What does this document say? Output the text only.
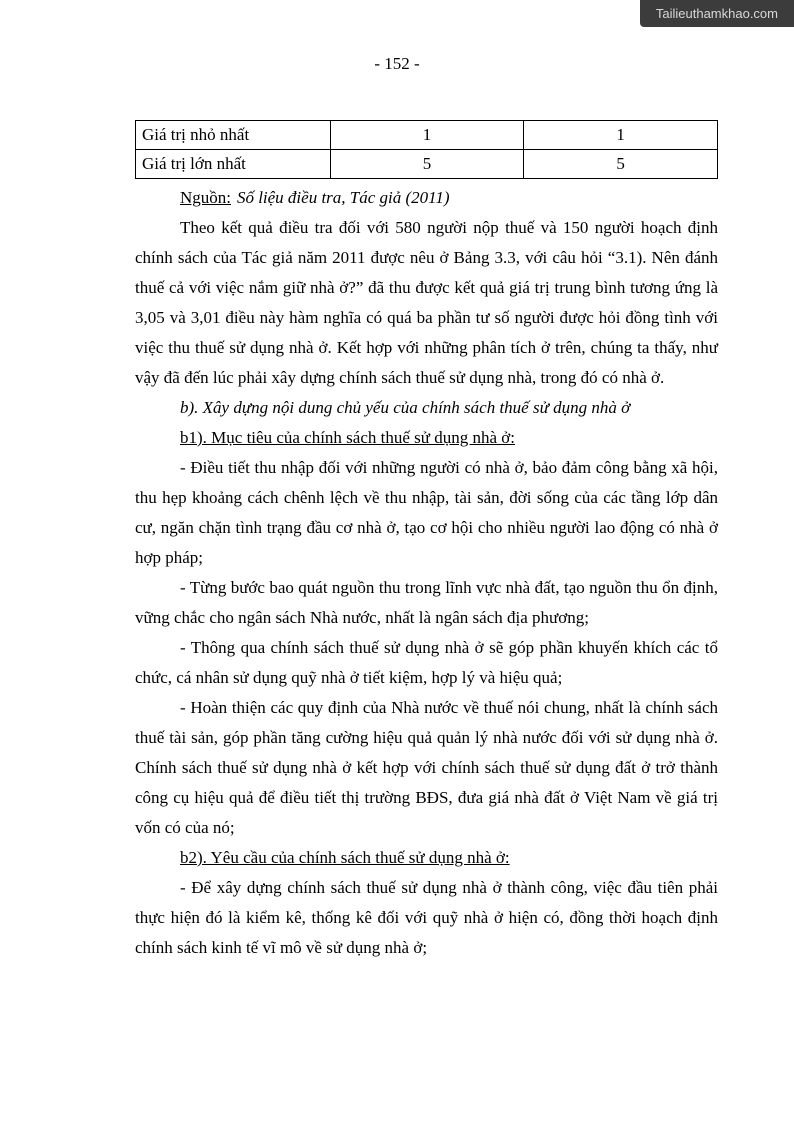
Tailieuthamkhao.com
- 152 -
Giá trị nhỏ nhất	1	1
Giá trị lớn nhất	5	5

Nguồn: Số liệu điều tra, Tác giả (2011)

Theo kết quả điều tra đối với 580 người nộp thuế và 150 người hoạch định chính sách của Tác giả năm 2011 được nêu ở Bảng 3.3, với câu hỏi “3.1). Nên đánh thuế cả với việc nắm giữ nhà ở?” đã thu được kết quả giá trị trung bình tương ứng là 3,05 và 3,01 điều này hàm nghĩa có quá ba phần tư số người được hỏi đồng tình với việc thu thuế sử dụng nhà ở. Kết hợp với những phân tích ở trên, chúng ta thấy, như vậy đã đến lúc phải xây dựng chính sách thuế sử dụng nhà, trong đó có nhà ở.

b). Xây dựng nội dung chủ yếu của chính sách thuế sử dụng nhà ở

b1). Mục tiêu của chính sách thuế sử dụng nhà ở:

- Điều tiết thu nhập đối với những người có nhà ở, bảo đảm công bằng xã hội, thu hẹp khoảng cách chênh lệch về thu nhập, tài sản, đời sống của các tầng lớp dân cư, ngăn chặn tình trạng đầu cơ nhà ở, tạo cơ hội cho nhiều người lao động có nhà ở hợp pháp;

- Từng bước bao quát nguồn thu trong lĩnh vực nhà đất, tạo nguồn thu ổn định, vững chắc cho ngân sách Nhà nước, nhất là ngân sách địa phương;

- Thông qua chính sách thuế sử dụng nhà ở sẽ góp phần khuyến khích các tổ chức, cá nhân sử dụng quỹ nhà ở tiết kiệm, hợp lý và hiệu quả;

- Hoàn thiện các quy định của Nhà nước về thuế nói chung, nhất là chính sách thuế tài sản, góp phần tăng cường hiệu quả quản lý nhà nước đối với sử dụng nhà ở. Chính sách thuế sử dụng nhà ở kết hợp với chính sách thuế sử dụng đất ở trở thành công cụ hiệu quả để điều tiết thị trường BĐS, đưa giá nhà đất ở Việt Nam về giá trị vốn có của nó;

b2). Yêu cầu của chính sách thuế sử dụng nhà ở:

- Để xây dựng chính sách thuế sử dụng nhà ở thành công, việc đầu tiên phải thực hiện đó là kiểm kê, thống kê đối với quỹ nhà ở hiện có, đồng thời hoạch định chính sách kinh tế vĩ mô về sử dụng nhà ở;
